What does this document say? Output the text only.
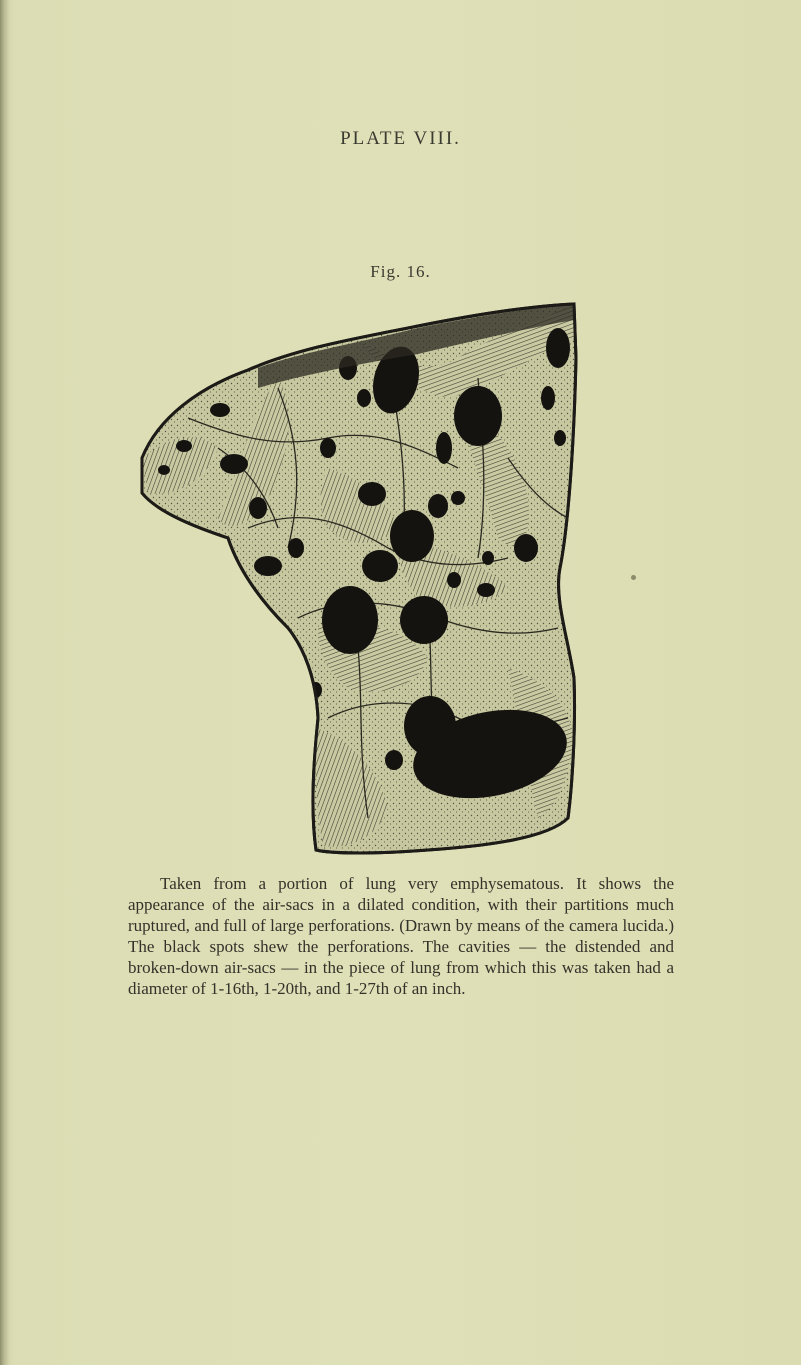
PLATE VIII.
Fig. 16.

Taken from a portion of lung very emphysematous. It shows the appearance of the air-sacs in a dilated condition, with their partitions much ruptured, and full of large perforations. (Drawn by means of the camera lucida.) The black spots shew the perforations. The cavities — the distended and broken-down air-sacs — in the piece of lung from which this was taken had a diameter of 1-16th, 1-20th, and 1-27th of an inch.
